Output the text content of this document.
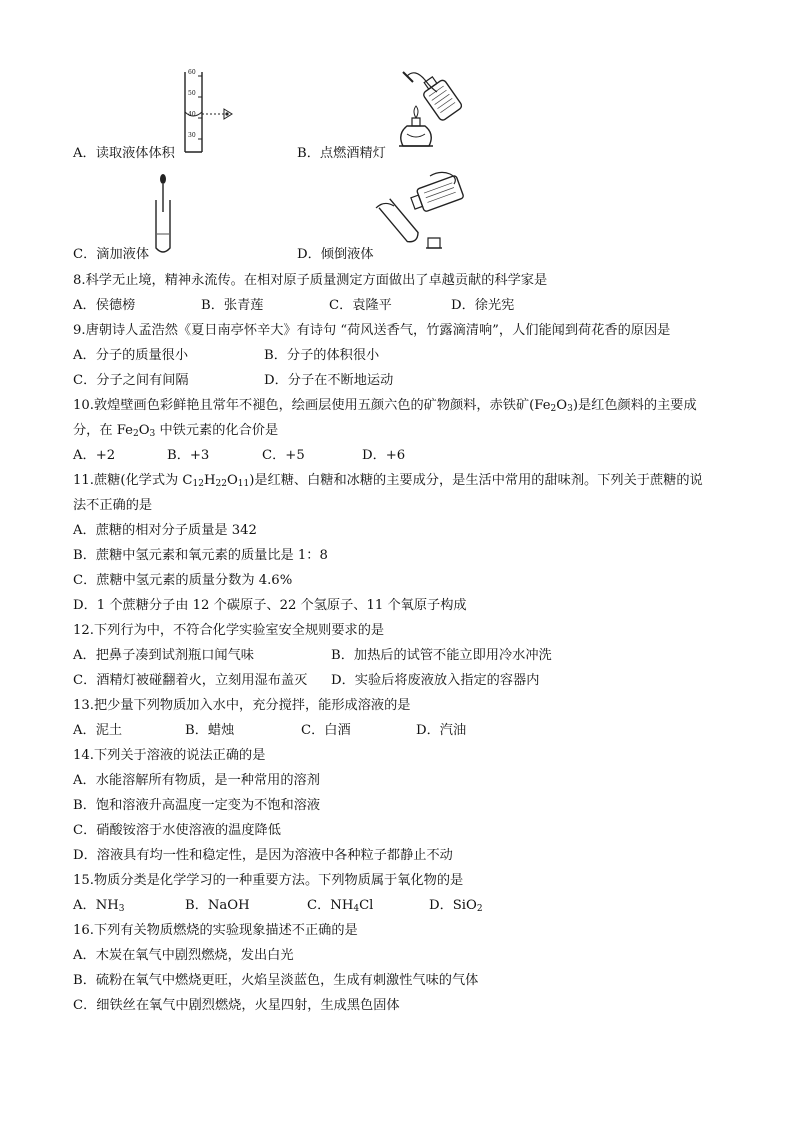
60
50
40
30
A．读取液体体积	B．点燃酒精灯
C．滴加液体	D．倾倒液体
8.科学无止境，精神永流传。在相对原子质量测定方面做出了卓越贡献的科学家是
A．侯德榜	B．张青莲	C．袁隆平	D．徐光宪
9.唐朝诗人孟浩然《夏日南亭怀辛大》有诗句 “荷风送香气，竹露滴清响”，人们能闻到荷花香的原因是
A．分子的质量很小	B．分子的体积很小
C．分子之间有间隔	D．分子在不断地运动
10.敦煌壁画色彩鲜艳且常年不褪色，绘画层使用五颜六色的矿物颜料，赤铁矿$(Fe_2O_3)$是红色颜料的主要成
分，在 $Fe_2O_3$ 中铁元素的化合价是
A．+2	B．+3	C．+5	D．+6
11.蔗糖(化学式为 $C_{12}H_{22}O_{11}$)是红糖、白糖和冰糖的主要成分，是生活中常用的甜味剂。下列关于蔗糖的说
法不正确的是
A．蔗糖的相对分子质量是 342
B．蔗糖中氢元素和氧元素的质量比是 1：8
C．蔗糖中氢元素的质量分数为 4.6%
D．1 个蔗糖分子由 12 个碳原子、22 个氢原子、11 个氧原子构成
12.下列行为中，不符合化学实验室安全规则要求的是
A．把鼻子凑到试剂瓶口闻气味	B．加热后的试管不能立即用冷水冲洗
C．酒精灯被碰翻着火，立刻用湿布盖灭 D．实验后将废液放入指定的容器内
13.把少量下列物质加入水中，充分搅拌，能形成溶液的是
A．泥土	B．蜡烛	C．白酒	D．汽油
14.下列关于溶液的说法正确的是
A．水能溶解所有物质，是一种常用的溶剂
B．饱和溶液升高温度一定变为不饱和溶液
C．硝酸铵溶于水使溶液的温度降低
D．溶液具有均一性和稳定性，是因为溶液中各种粒子都静止不动
15.物质分类是化学学习的一种重要方法。下列物质属于氧化物的是
A．$NH_3$	B．NaOH	C．$NH_4Cl$	D．SiO$_2$
16.下列有关物质燃烧的实验现象描述不正确的是
A．木炭在氧气中剧烈燃烧，发出白光
B．硫粉在氧气中燃烧更旺，火焰呈淡蓝色，生成有刺激性气味的气体
C．细铁丝在氧气中剧烈燃烧，火星四射，生成黑色固体
